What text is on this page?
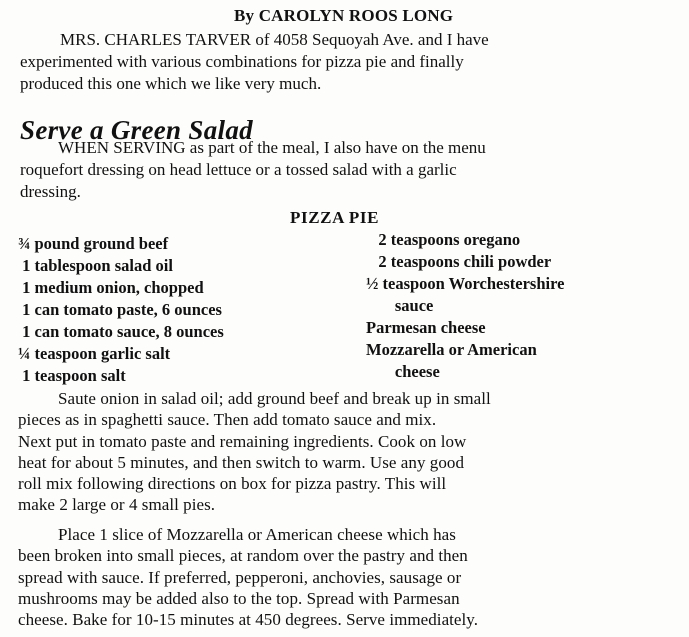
By CAROLYN ROOS LONG
MRS. CHARLES TARVER of 4058 Sequoyah Ave. and I have
experimented with various combinations for pizza pie and finally
produced this one which we like very much.
Serve a Green Salad
WHEN SERVING as part of the meal, I also have on the menu
roquefort dressing on head lettuce or a tossed salad with a garlic
dressing.
PIZZA PIE
¾ pound ground beef
1 tablespoon salad oil
1 medium onion, chopped
1 can tomato paste, 6 ounces
1 can tomato sauce, 8 ounces
¼ teaspoon garlic salt
1 teaspoon salt
2 teaspoons oregano
2 teaspoons chili powder
½ teaspoon Worchestershire
sauce
Parmesan cheese
Mozzarella or American
cheese

Saute onion in salad oil; add ground beef and break up in small

pieces as in spaghetti sauce. Then add tomato sauce and mix.

Next put in tomato paste and remaining ingredients. Cook on low

heat for about 5 minutes, and then switch to warm. Use any good

roll mix following directions on box for pizza pastry. This will

make 2 large or 4 small pies.

Place 1 slice of Mozzarella or American cheese which has

been broken into small pieces, at random over the pastry and then

spread with sauce. If preferred, pepperoni, anchovies, sausage or

mushrooms may be added also to the top. Spread with Parmesan

cheese. Bake for 10-15 minutes at 450 degrees. Serve immediately.
